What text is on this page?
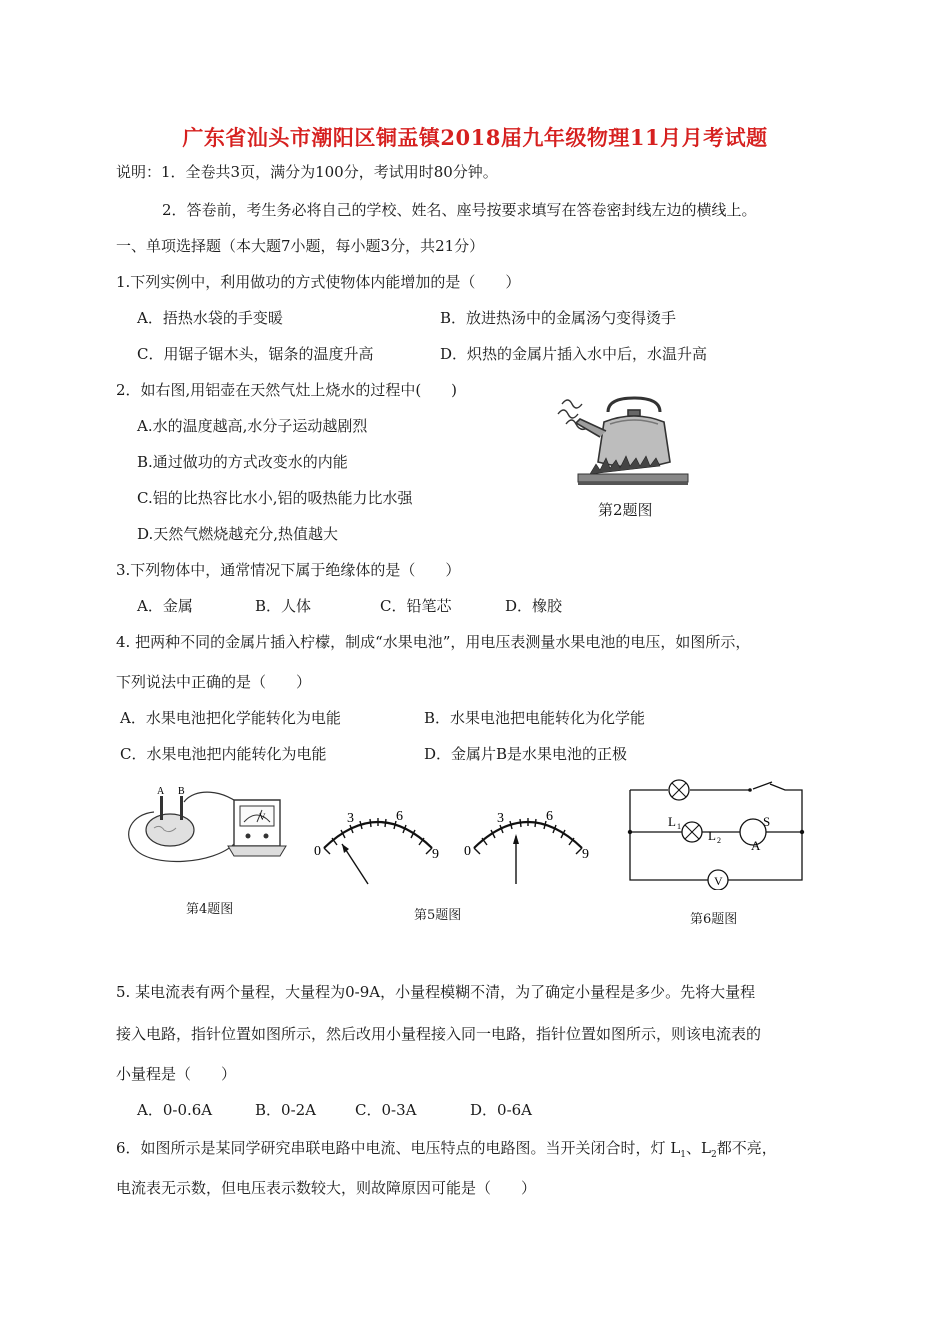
广东省汕头市潮阳区铜盂镇2018届九年级物理11月月考试题
说明：1．全卷共3页，满分为100分，考试用时80分钟。
2．答卷前，考生务必将自己的学校、姓名、座号按要求填写在答卷密封线左边的横线上。
一、单项选择题（本大题7小题，每小题3分，共21分）
1.下列实例中，利用做功的方式使物体内能增加的是（　　）
A．捂热水袋的手变暖	B．放进热汤中的金属汤勺变得烫手
C．用锯子锯木头，锯条的温度升高	D．炽热的金属片插入水中后，水温升高
2．如右图,用铝壶在天然气灶上烧水的过程中(　　)
A.水的温度越高,水分子运动越剧烈
B.通过做功的方式改变水的内能
C.铝的比热容比水小,铝的吸热能力比水强
D.天然气燃烧越充分,热值越大
第2题图
3.下列物体中，通常情况下属于绝缘体的是（　　）
A．金属	B．人体	C．铅笔芯	D．橡胶
4. 把两种不同的金属片插入柠檬，制成“水果电池”，用电压表测量水果电池的电压，如图所示，
下列说法中正确的是（　　）
A．水果电池把化学能转化为电能	B．水果电池把电能转化为化学能
C．水果电池把内能转化为电能	D．金属片B是水果电池的正极
A B
V
第4题图
0
3	6
9 0
3	6
9
第5题图
L 1
L 2
S
A
V
第6题图
5. 某电流表有两个量程，大量程为0-9A，小量程模糊不清，为了确定小量程是多少。先将大量程
接入电路，指针位置如图所示，然后改用小量程接入同一电路，指针位置如图所示，则该电流表的
小量程是（　　）
A．0-0.6A	B．0-2A	C．0-3A	D．0-6A
6．如图所示是某同学研究串联电路中电流、电压特点的电路图。当开关闭合时，灯 $L_1$、$L_2$都不亮，
电流表无示数，但电压表示数较大，则故障原因可能是（　　）
